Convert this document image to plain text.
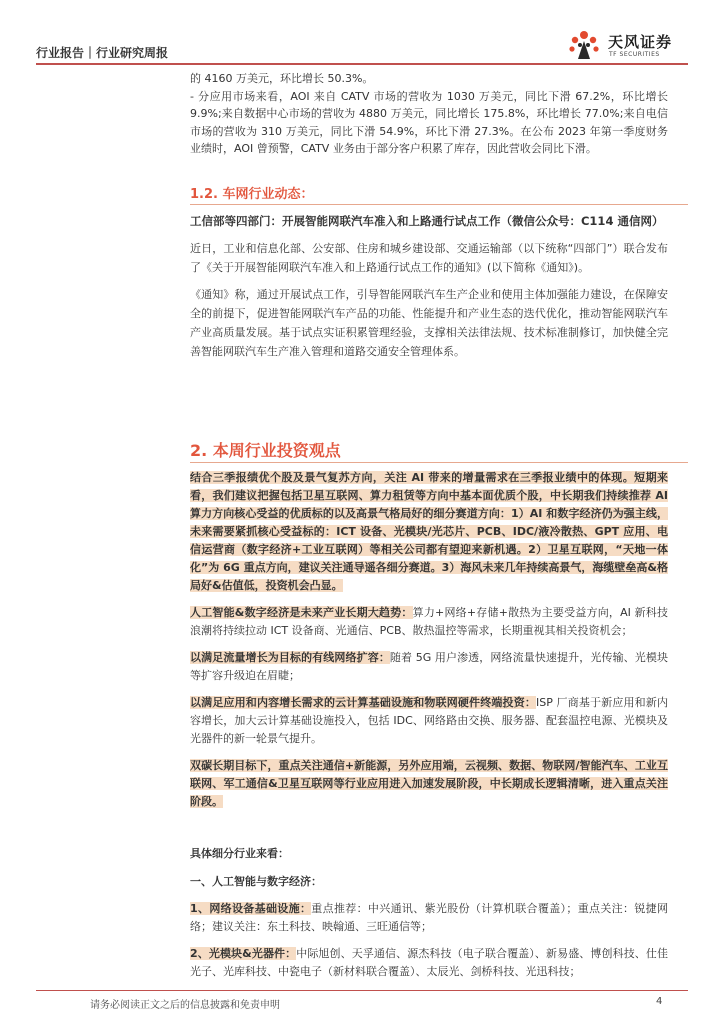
行业报告｜行业研究周报
天风证券
TF SECURITIES

的 4160 万美元，环比增长 50.3%。

- 分应用市场来看，AOI 来自 CATV 市场的营收为 1030 万美元，同比下滑 67.2%，环比增长 9.9%;来自数据中心市场的营收为 4880 万美元，同比增长 175.8%，环比增长 77.0%;来自电信市场的营收为 310 万美元，同比下滑 54.9%，环比下滑 27.3%。在公布 2023 年第一季度财务业绩时，AOI 曾预警，CATV 业务由于部分客户积累了库存，因此营收会同比下滑。

1.2. 车网行业动态：

工信部等四部门：开展智能网联汽车准入和上路通行试点工作（微信公众号：C114 通信网）

近日，工业和信息化部、公安部、住房和城乡建设部、交通运输部（以下统称“四部门”）联合发布了《关于开展智能网联汽车准入和上路通行试点工作的通知》(以下简称《通知》)。

《通知》称，通过开展试点工作，引导智能网联汽车生产企业和使用主体加强能力建设，在保障安全的前提下，促进智能网联汽车产品的功能、性能提升和产业生态的迭代优化，推动智能网联汽车产业高质量发展。基于试点实证积累管理经验，支撑相关法律法规、技术标准制修订，加快健全完善智能网联汽车生产准入管理和道路交通安全管理体系。

2. 本周行业投资观点

结合三季报绩优个股及景气复苏方向，关注 AI 带来的增量需求在三季报业绩中的体现。短期来看，我们建议把握包括卫星互联网、算力租赁等方向中基本面优质个股，中长期我们持续推荐 AI 算力方向核心受益的优质标的以及高景气格局好的细分赛道方向：1）AI 和数字经济仍为强主线，未来需要紧抓核心受益标的：ICT 设备、光模块/光芯片、PCB、IDC/液冷散热、GPT 应用、电信运营商（数字经济+工业互联网）等相关公司都有望迎来新机遇。2）卫星互联网，“天地一体化”为 6G 重点方向，建议关注通导遥各细分赛道。3）海风未来几年持续高景气，海缆壁垒高&格局好&估值低，投资机会凸显。

人工智能&数字经济是未来产业长期大趋势：算力+网络+存储+散热为主要受益方向，AI 新科技浪潮将持续拉动 ICT 设备商、光通信、PCB、散热温控等需求，长期重视其相关投资机会；

以满足流量增长为目标的有线网络扩容：随着 5G 用户渗透，网络流量快速提升，光传输、光模块等扩容升级迫在眉睫；

以满足应用和内容增长需求的云计算基础设施和物联网硬件终端投资：ISP 厂商基于新应用和新内容增长，加大云计算基础设施投入，包括 IDC、网络路由交换、服务器、配套温控电源、光模块及光器件的新一轮景气提升。

双碳长期目标下，重点关注通信+新能源，另外应用端，云视频、数据、物联网/智能汽车、工业互联网、军工通信&卫星互联网等行业应用进入加速发展阶段，中长期成长逻辑清晰，进入重点关注阶段。

具体细分行业来看：

一、人工智能与数字经济：

1、网络设备基础设施：重点推荐：中兴通讯、紫光股份（计算机联合覆盖）；重点关注：锐捷网络；建议关注：东土科技、映翰通、三旺通信等；

2、光模块&光器件：中际旭创、天孚通信、源杰科技（电子联合覆盖）、新易盛、博创科技、仕佳光子、光库科技、中瓷电子（新材料联合覆盖）、太辰光、剑桥科技、光迅科技；

请务必阅读正文之后的信息披露和免责申明	4
